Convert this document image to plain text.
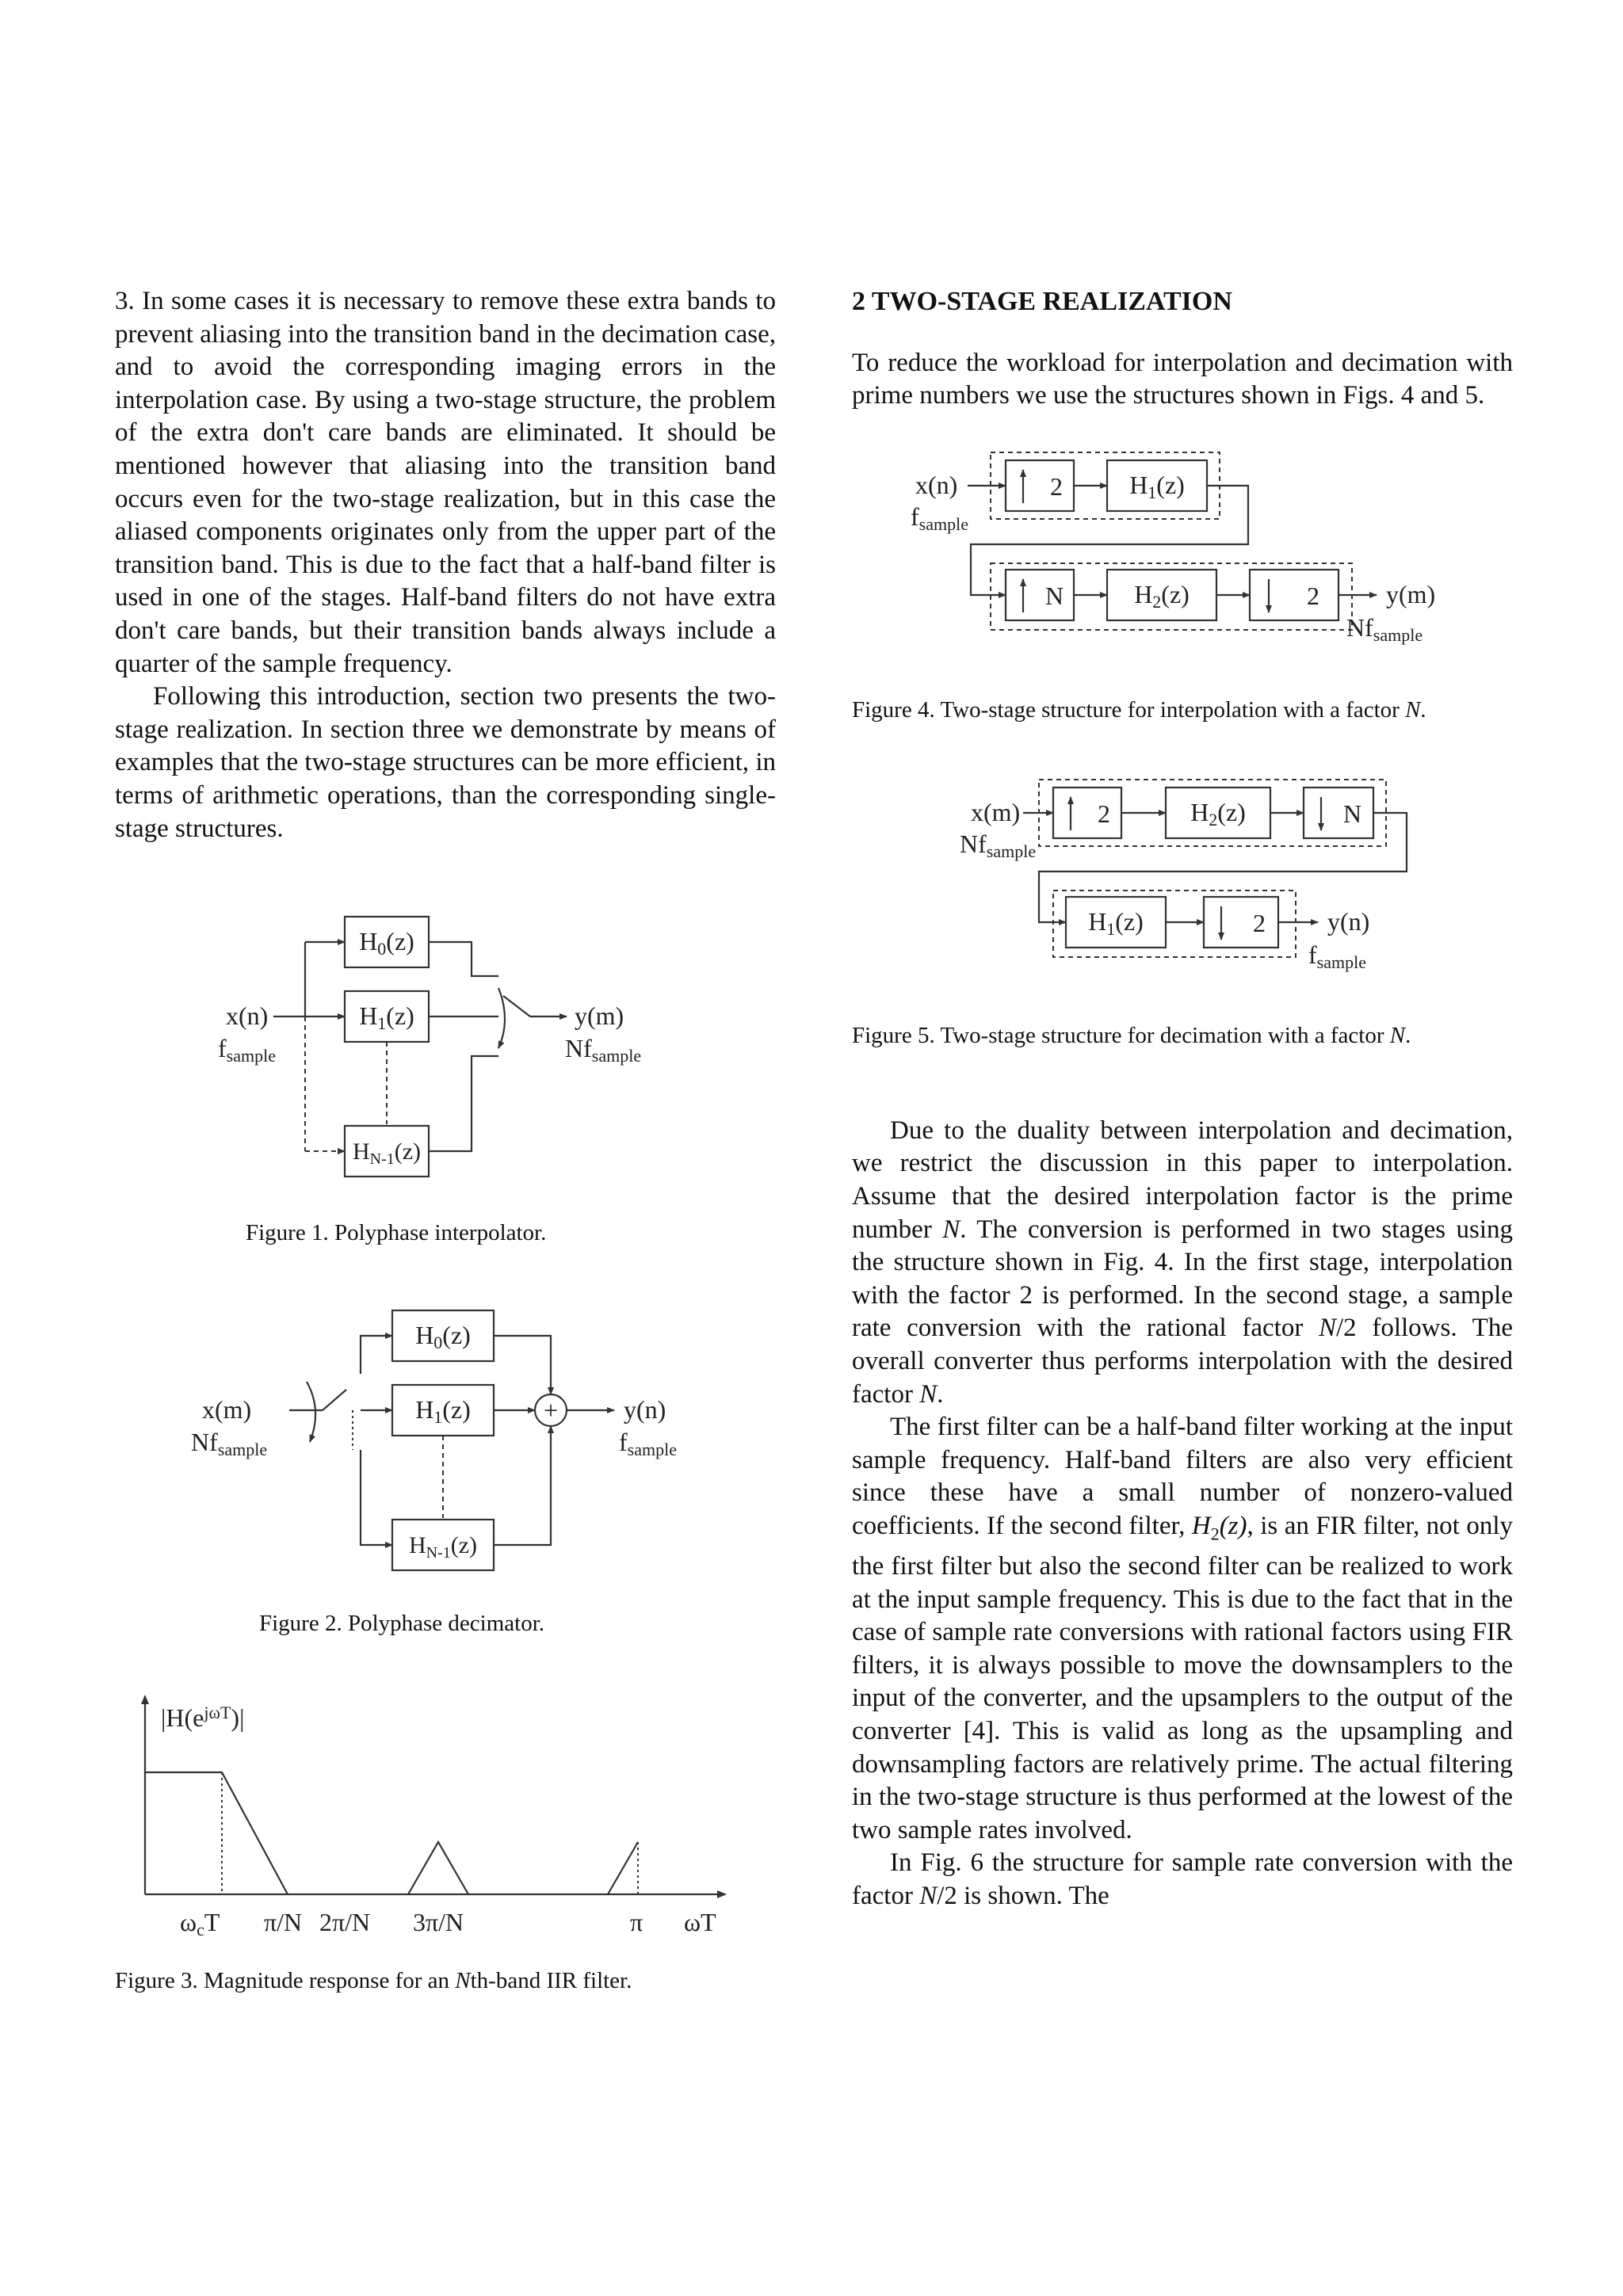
3. In some cases it is necessary to remove these extra bands to prevent aliasing into the transition band in the decimation case, and to avoid the corresponding imaging errors in the interpolation case. By using a two-stage structure, the problem of the extra don't care bands are eliminated. It should be mentioned however that aliasing into the transition band occurs even for the two-stage realization, but in this case the aliased components originates only from the upper part of the transition band. This is due to the fact that a half-band filter is used in one of the stages. Half-band filters do not have extra don't care bands, but their transition bands always include a quarter of the sample frequency.

Following this introduction, section two presents the two-stage realization. In section three we demonstrate by means of examples that the two-stage structures can be more efficient, in terms of arithmetic operations, than the corresponding single-stage structures.

x(n)
fsample
H0(z)
H1(z)
$H_{N-1}(z)$
y(m)
Nfsample

Figure 1. Polyphase interpolator.

x(m)
Nfsample
H0(z)
H1(z)
$H_{N-1}(z)$
+	y(n)
fsample

Figure 2. Polyphase decimator.

$|H(e^{j\omega T})|$
ωcT π/N 2π/N 3π/N	π ωT

Figure 3. Magnitude response for an Nth-band IIR filter.

2 TWO-STAGE REALIZATION

To reduce the workload for interpolation and decimation with prime numbers we use the structures shown in Figs. 4 and 5.

x(n)
fsample
2	H1(z)
N	H2(z)	2	y(m)
Nfsample

Figure 4. Two-stage structure for interpolation with a factor N.

x(m)
Nfsample
2	H2(z)	N
H1(z)	2 y(n)
fsample

Figure 5. Two-stage structure for decimation with a factor N.

Due to the duality between interpolation and decimation, we restrict the discussion in this paper to interpolation. Assume that the desired interpolation factor is the prime number N. The conversion is performed in two stages using the structure shown in Fig. 4. In the first stage, interpolation with the factor 2 is performed. In the second stage, a sample rate conversion with the rational factor N/2 follows. The overall converter thus performs interpolation with the desired factor N.

The first filter can be a half-band filter working at the input sample frequency. Half-band filters are also very efficient since these have a small number of nonzero-valued coefficients. If the second filter, $H_2(z)$, is an FIR filter, not only the first filter but also the second filter can be realized to work at the input sample frequency. This is due to the fact that in the case of sample rate conversions with rational factors using FIR filters, it is always possible to move the downsamplers to the input of the converter, and the upsamplers to the output of the converter [4]. This is valid as long as the upsampling and downsampling factors are relatively prime. The actual filtering in the two-stage structure is thus performed at the lowest of the two sample rates involved.

In Fig. 6 the structure for sample rate conversion with the factor N/2 is shown. The
